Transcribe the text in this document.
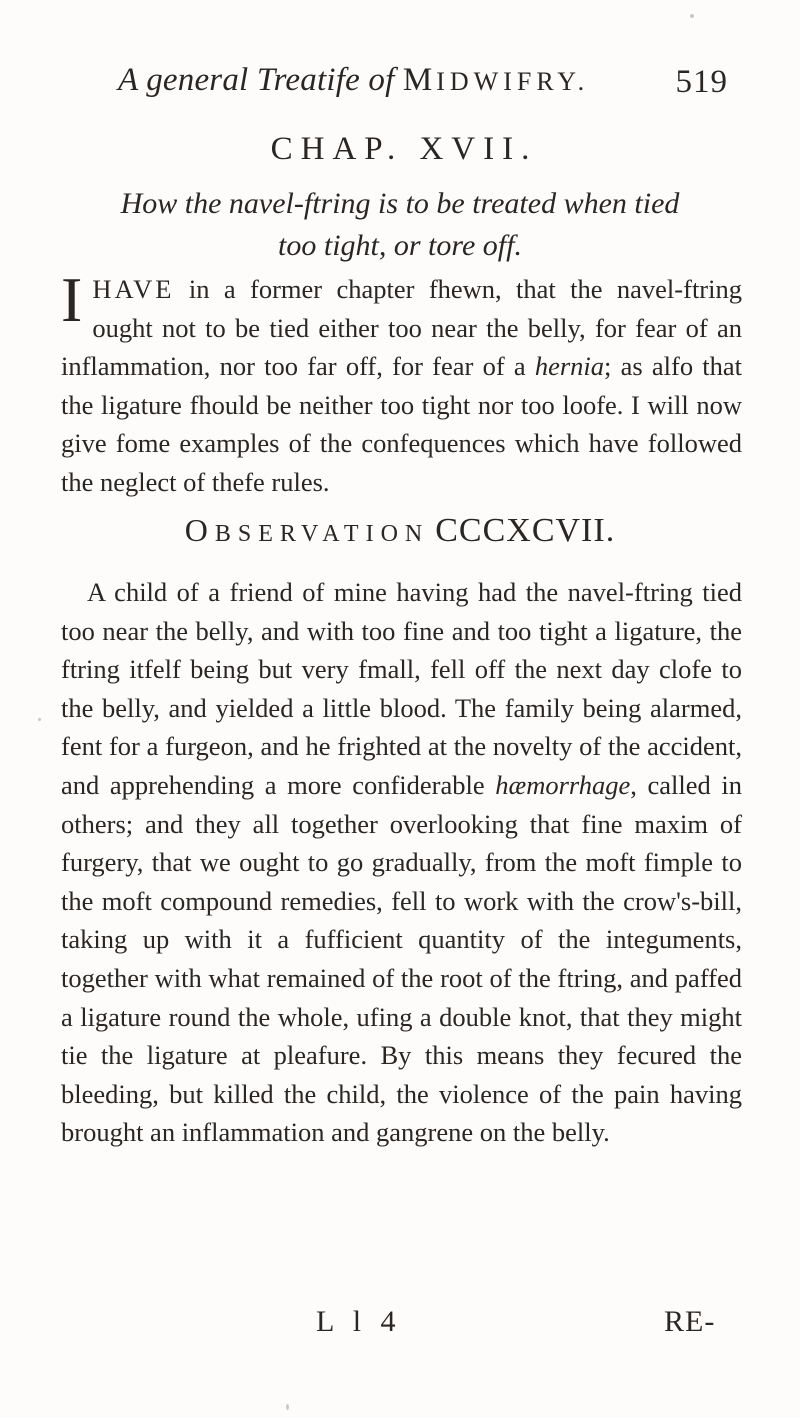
A general Treatife of MIDWIFRY.	519
CHAP. XVII.
How the navel-ftring is to be treated when tied
too tight, or tore off.
IHAVE in a former chapter fhewn, that the navel-ftring ought not to be tied either too near the belly, for fear of an inflammation, nor too far off, for fear of a hernia; as alfo that the ligature fhould be neither too tight nor too loofe. I will now give fome examples of the confequences which have followed the neglect of thefe rules.
OBSERVATION CCCXCVII.
A child of a friend of mine having had the navel-ftring tied too near the belly, and with too fine and too tight a ligature, the ftring itfelf being but very fmall, fell off the next day clofe to the belly, and yielded a little blood. The family being alarmed, fent for a furgeon, and he frighted at the novelty of the accident, and apprehending a more confiderable hæmorrhage, called in others; and they all together overlooking that fine maxim of furgery, that we ought to go gradually, from the moft fimple to the moft compound remedies, fell to work with the crow's-bill, taking up with it a fufficient quantity of the integuments, together with what remained of the root of the ftring, and paffed a ligature round the whole, ufing a double knot, that they might tie the ligature at pleafure. By this means they fecured the bleeding, but killed the child, the violence of the pain having brought an inflammation and gangrene on the belly.
L l 4	RE-
